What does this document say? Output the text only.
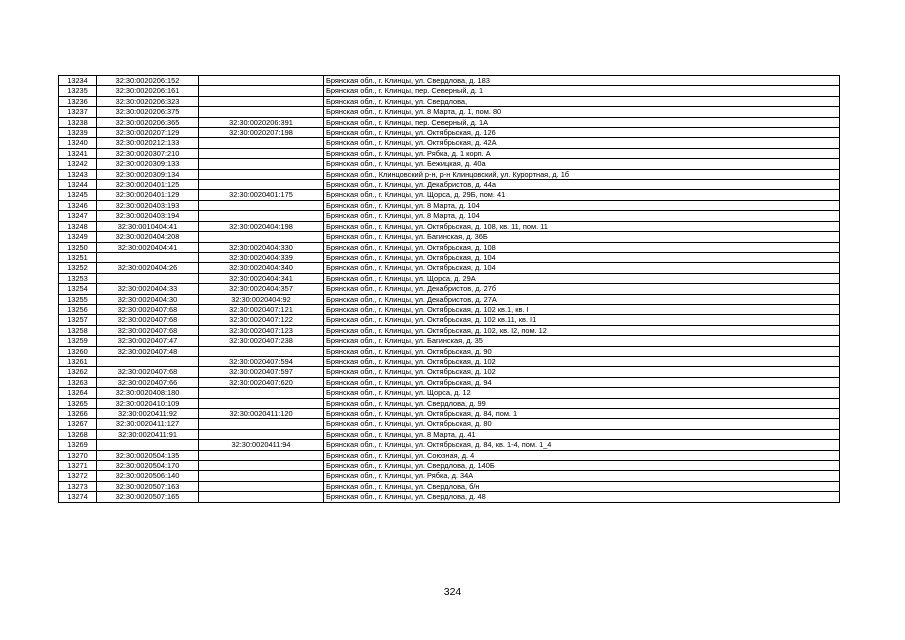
13234	32:30:0020206:152		Брянская обл., г. Клинцы, ул. Свердлова, д. 183
13235	32:30:0020206:161		Брянская обл., г. Клинцы, пер. Северный, д. 1
13236	32:30:0020206:323		Брянская обл., г. Клинцы, ул. Свердлова,
13237	32:30:0020206:375		Брянская обл., г. Клинцы, ул. 8 Марта, д. 1, пом. 80
13238	32:30:0020206:365	32:30:0020206:391	Брянская обл., г. Клинцы, пер. Северный, д. 1А
13239	32:30:0020207:129	32:30:0020207:198	Брянская обл., г. Клинцы, ул. Октябрьская, д. 126
13240	32:30:0020212:133		Брянская обл., г. Клинцы, ул. Октябрьская, д. 42А
13241	32:30:0020307:210		Брянская обл., г. Клинцы, ул. Рябка, д. 1 корп. А
13242	32:30:0020309:133		Брянская обл., г. Клинцы, ул. Бежицкая, д. 40а
13243	32:30:0020309:134		Брянская обл., Клинцовский р-н, р-н Клинцовский, ул. Курортная, д. 1б
13244	32:30:0020401:125		Брянская обл., г. Клинцы, ул. Декабристов, д. 44а
13245	32:30:0020401:129	32:30:0020401:175	Брянская обл., г. Клинцы, ул. Щорса, д. 29Б, пом. 41
13246	32:30:0020403:193		Брянская обл., г. Клинцы, ул. 8 Марта, д. 104
13247	32:30:0020403:194		Брянская обл., г. Клинцы, ул. 8 Марта, д. 104
13248	32:30:0010404:41	32:30:0020404:198	Брянская обл., г. Клинцы, ул. Октябрьская, д. 108, кв. 11, пом. 11
13249	32:30:0020404:208		Брянская обл., г. Клинцы, ул. Багинская, д. 36Б
13250	32:30:0020404:41	32:30:0020404:330	Брянская обл., г. Клинцы, ул. Октябрьская, д. 108
13251		32:30:0020404:339	Брянская обл., г. Клинцы, ул. Октябрьская, д. 104
13252	32:30:0020404:26	32:30:0020404:340	Брянская обл., г. Клинцы, ул. Октябрьская, д. 104
13253		32:30:0020404:341	Брянская обл., г. Клинцы, ул. Щорса, д. 29А
13254	32:30:0020404:33	32:30:0020404:357	Брянская обл., г. Клинцы, ул. Декабристов, д. 27б
13255	32:30:0020404:30	32:30:0020404:92	Брянская обл., г. Клинцы, ул. Декабристов, д. 27А
13256	32:30:0020407:68	32:30:0020407:121	Брянская обл., г. Клинцы, ул. Октябрьская, д. 102 кв.1, кв. I
13257	32:30:0020407:68	32:30:0020407:122	Брянская обл., г. Клинцы, ул. Октябрьская, д. 102 кв.11, кв. I1
13258	32:30:0020407:68	32:30:0020407:123	Брянская обл., г. Клинцы, ул. Октябрьская, д. 102, кв. I2, пом. 12
13259	32:30:0020407:47	32:30:0020407:238	Брянская обл., г. Клинцы, ул. Багинская, д. 35
13260	32:30:0020407:48		Брянская обл., г. Клинцы, ул. Октябрьская, д. 90
13261		32:30:0020407:594	Брянская обл., г. Клинцы, ул. Октябрьская, д. 102
13262	32:30:0020407:68	32:30:0020407:597	Брянская обл., г. Клинцы, ул. Октябрьская, д. 102
13263	32:30:0020407:66	32:30:0020407:620	Брянская обл., г. Клинцы, ул. Октябрьская, д. 94
13264	32:30:0020408:180		Брянская обл., г. Клинцы, ул. Щорса, д. 12
13265	32:30:0020410:109		Брянская обл., г. Клинцы, ул. Свердлова, д. 99
13266	32:30:0020411:92	32:30:0020411:120	Брянская обл., г. Клинцы, ул. Октябрьская, д. 84, пом. 1
13267	32:30:0020411:127		Брянская обл., г. Клинцы, ул. Октябрьская, д. 80
13268	32:30:0020411:91		Брянская обл., г. Клинцы, ул. 8 Марта, д. 41
13269		32:30:0020411:94	Брянская обл., г. Клинцы, ул. Октябрьская, д. 84, кв. 1-4, пом. 1_4
13270	32:30:0020504:135		Брянская обл., г. Клинцы, ул. Союзная, д. 4
13271	32:30:0020504:170		Брянская обл., г. Клинцы, ул. Свердлова, д. 140Б
13272	32:30:0020506:140		Брянская обл., г. Клинцы, ул. Рябка, д. 34А
13273	32:30:0020507:163		Брянская обл., г. Клинцы, ул. Свердлова, б/н
13274	32:30:0020507:165		Брянская обл., г. Клинцы, ул. Свердлова, д. 48
324
